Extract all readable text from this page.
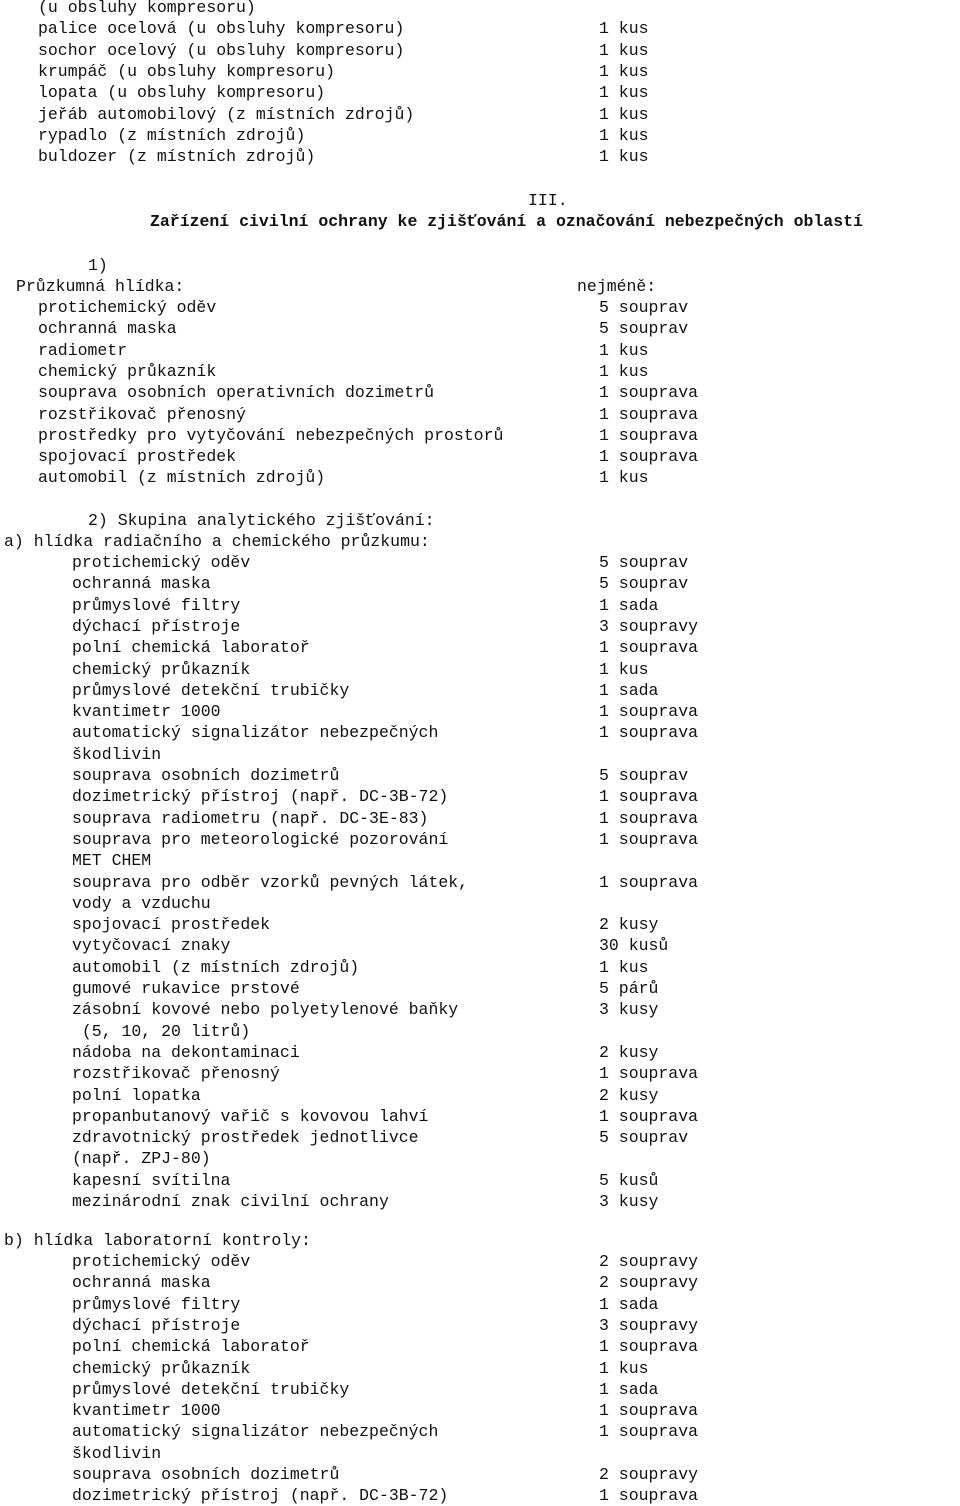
(u obsluhy kompresoru)
palice ocelová (u obsluhy kompresoru)	1 kus
sochor ocelový (u obsluhy kompresoru)	1 kus
krumpáč (u obsluhy kompresoru)	1 kus
lopata (u obsluhy kompresoru)	1 kus
jeřáb automobilový (z místních zdrojů)	1 kus
rypadlo (z místních zdrojů)	1 kus
buldozer (z místních zdrojů)	1 kus

III.

Zařízení civilní ochrany ke zjišťování a označování nebezpečných oblastí

1)

Průzkumná hlídka:

	nejméně:

protichemický oděv	5 souprav
ochranná maska	5 souprav
radiometr	1 kus
chemický průkazník	1 kus
souprava osobních operativních dozimetrů	1 souprava
rozstřikovač přenosný	1 souprava
prostředky pro vytyčování nebezpečných prostorů	1 souprava
spojovací prostředek	1 souprava
automobil (z místních zdrojů)	1 kus

2) Skupina analytického zjišťování:

a) hlídka radiačního a chemického průzkumu:

protichemický oděv	5 souprav
ochranná maska	5 souprav
průmyslové filtry	1 sada
dýchací přístroje	3 soupravy
polní chemická laboratoř	1 souprava
chemický průkazník	1 kus
průmyslové detekční trubičky	1 sada
kvantimetr 1000	1 souprava
automatický signalizátor nebezpečných	1 souprava
škodlivin
souprava osobních dozimetrů	5 souprav
dozimetrický přístroj (např. DC-3B-72)	1 souprava
souprava radiometru (např. DC-3E-83)	1 souprava
souprava pro meteorologické pozorování	1 souprava
MET CHEM
souprava pro odběr vzorků pevných látek,	1 souprava
vody a vzduchu
spojovací prostředek	2 kusy
vytyčovací znaky	30 kusů
automobil (z místních zdrojů)	1 kus
gumové rukavice prstové	5 párů
zásobní kovové nebo polyetylenové baňky	3 kusy
(5, 10, 20 litrů)
nádoba na dekontaminaci	2 kusy
rozstřikovač přenosný	1 souprava
polní lopatka	2 kusy
propanbutanový vařič s kovovou lahví	1 souprava
zdravotnický prostředek jednotlivce	5 souprav
(např. ZPJ-80)
kapesní svítilna	5 kusů
mezinárodní znak civilní ochrany	3 kusy

b) hlídka laboratorní kontroly:

protichemický oděv	2 soupravy
ochranná maska	2 soupravy
průmyslové filtry	1 sada
dýchací přístroje	3 soupravy
polní chemická laboratoř	1 souprava
chemický průkazník	1 kus
průmyslové detekční trubičky	1 sada
kvantimetr 1000	1 souprava
automatický signalizátor nebezpečných	1 souprava
škodlivin
souprava osobních dozimetrů	2 soupravy
dozimetrický přístroj (např. DC-3B-72)	1 souprava
